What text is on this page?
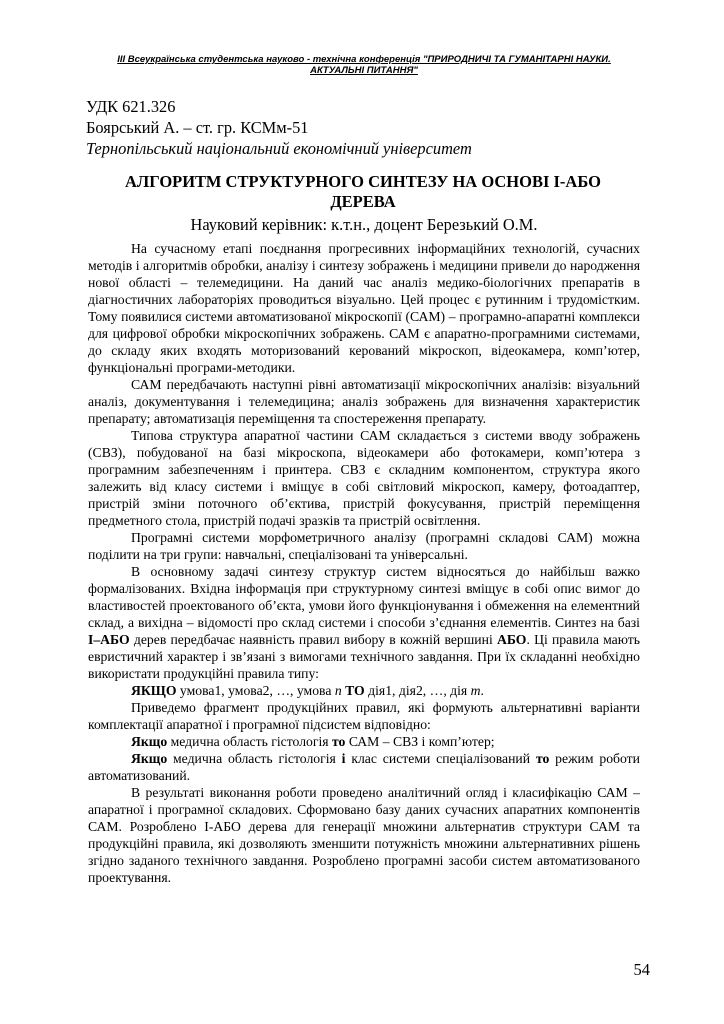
ІІІ Всеукраїнська студентська науково - технічна конференція "ПРИРОДНИЧІ ТА ГУМАНІТАРНІ НАУКИ. АКТУАЛЬНІ ПИТАННЯ"
УДК 621.326
Боярський А. – ст. гр. КСМм-51
Тернопільський національний економічний університет
АЛГОРИТМ СТРУКТУРНОГО СИНТЕЗУ НА ОСНОВІ І-АБО ДЕРЕВА
Науковий керівник: к.т.н., доцент Березький О.М.

На сучасному етапі поєднання прогресивних інформаційних технологій, сучасних методів і алгоритмів обробки, аналізу і синтезу зображень і медицини привели до народження нової області – телемедицини. На даний час аналіз медико-біологічних препаратів в діагностичних лабораторіях проводиться візуально. Цей процес є рутинним і трудомістким. Тому появилися системи автоматизованої мікроскопії (САМ) – програмно-апаратні комплекси для цифрової обробки мікроскопічних зображень. САМ є апаратно-програмними системами, до складу яких входять моторизований керований мікроскоп, відеокамера, комп’ютер, функціональні програми-методики.

САМ передбачають наступні рівні автоматизації мікроскопічних аналізів: візуальний аналіз, документування і телемедицина; аналіз зображень для визначення характеристик препарату; автоматизація переміщення та спостереження препарату.

Типова структура апаратної частини САМ складається з системи вводу зображень (СВЗ), побудованої на базі мікроскопа, відеокамери або фотокамери, комп’ютера з програмним забезпеченням і принтера. СВЗ є складним компонентом, структура якого залежить від класу системи і вміщує в собі світловий мікроскоп, камеру, фотоадаптер, пристрій зміни поточного об’єктива, пристрій фокусування, пристрій переміщення предметного стола, пристрій подачі зразків та пристрій освітлення.

Програмні системи морфометричного аналізу (програмні складові САМ) можна поділити на три групи: навчальні, спеціалізовані та універсальні.

В основному задачі синтезу структур систем відносяться до найбільш важко формалізованих. Вхідна інформація при структурному синтезі вміщує в собі опис вимог до властивостей проектованого об’єкта, умови його функціонування і обмеження на елементний склад, а вихідна – відомості про склад системи і способи з’єднання елементів. Синтез на базі І–АБО дерев передбачає наявність правил вибору в кожній вершині АБО. Ці правила мають евристичний характер і зв’язані з вимогами технічного завдання. При їх складанні необхідно використати продукційні правила типу:

ЯКЩО умова1, умова2, …, умова n ТО дія1, дія2, …, дія m.

Приведемо фрагмент продукційних правил, які формують альтернативні варіанти комплектації апаратної і програмної підсистем відповідно:

Якщо медична область гістологія то САМ – СВЗ і комп’ютер;

Якщо медична область гістологія і клас системи спеціалізований то режим роботи автоматизований.

В результаті виконання роботи проведено аналітичний огляд і класифікацію САМ – апаратної і програмної складових. Сформовано базу даних сучасних апаратних компонентів САМ. Розроблено І-АБО дерева для генерації множини альтернатив структури САМ та продукційні правила, які дозволяють зменшити потужність множини альтернативних рішень згідно заданого технічного завдання. Розроблено програмні засоби систем автоматизованого проектування.

54
